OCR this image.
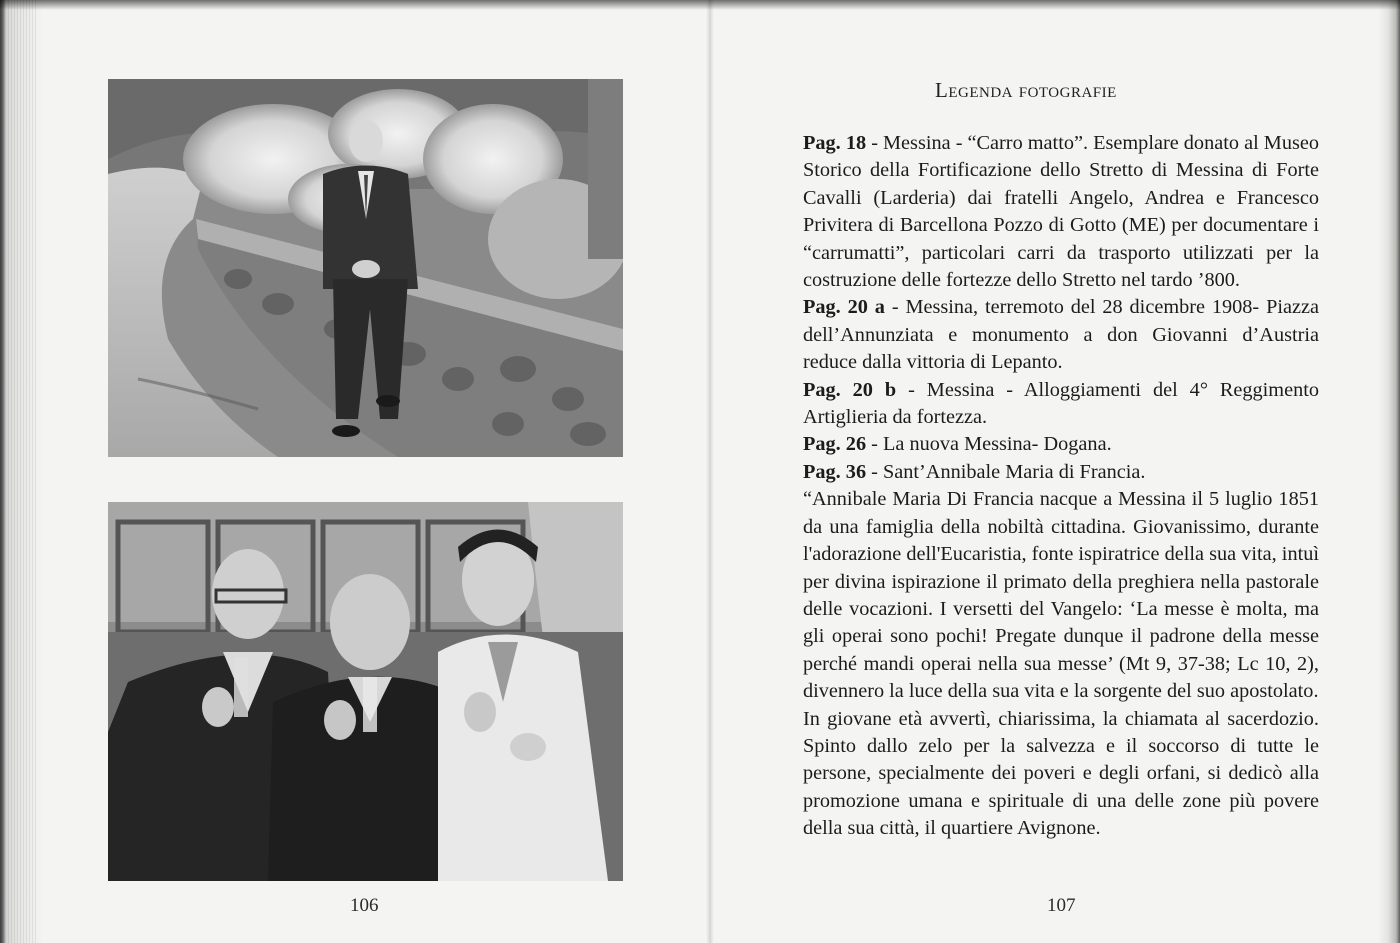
106
Legenda fotografie

Pag. 18 - Messina - “Carro matto”. Esemplare donato al Museo Storico della Fortificazione dello Stretto di Messina di Forte Cavalli (Larderia) dai fratelli Angelo, Andrea e Francesco Privitera di Barcellona Pozzo di Gotto (ME) per documentare i “carrumatti”, particolari carri da trasporto utilizzati per la costruzione delle fortezze dello Stretto nel tardo ’800.

Pag. 20 a - Messina, terremoto del 28 dicembre 1908- Piazza dell’Annunziata e monumento a don Giovanni d’Austria reduce dalla vittoria di Lepanto.

Pag. 20 b - Messina - Alloggiamenti del 4° Reggimento Artiglieria da fortezza.

Pag. 26 - La nuova Messina- Dogana.

Pag. 36 - Sant’Annibale Maria di Francia.

“Annibale Maria Di Francia nacque a Messina il 5 luglio 1851 da una famiglia della nobiltà cittadina. Giovanissimo, durante l'adorazione dell'Eucaristia, fonte ispiratrice della sua vita, intuì per divina ispirazione il primato della preghiera nella pastorale delle vocazioni. I versetti del Vangelo: ‘La messe è molta, ma gli operai sono pochi! Pregate dunque il padrone della messe perché mandi operai nella sua messe’ (Mt 9, 37-38; Lc 10, 2), divennero la luce della sua vita e la sorgente del suo apostolato.

In giovane età avvertì, chiarissima, la chiamata al sacerdozio. Spinto dallo zelo per la salvezza e il soccorso di tutte le persone, specialmente dei poveri e degli orfani, si dedicò alla promozione umana e spirituale di una delle zone più povere della sua città, il quartiere Avignone.

107
